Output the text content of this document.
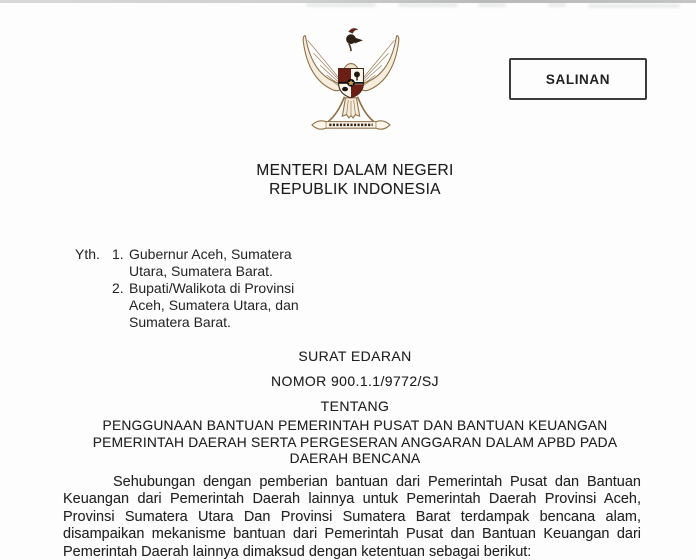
SALINAN
MENTERI DALAM NEGERI
REPUBLIK INDONESIA
Yth. 1. Gubernur Aceh, Sumatera Utara, Sumatera Barat.
2. Bupati/Walikota di Provinsi Aceh, Sumatera Utara, dan Sumatera Barat.
SURAT EDARAN
NOMOR 900.1.1/9772/SJ
TENTANG
PENGGUNAAN BANTUAN PEMERINTAH PUSAT DAN BANTUAN KEUANGAN PEMERINTAH DAERAH SERTA PERGESERAN ANGGARAN DALAM APBD PADA DAERAH BENCANA

Sehubungan dengan pemberian bantuan dari Pemerintah Pusat dan Bantuan Keuangan dari Pemerintah Daerah lainnya untuk Pemerintah Daerah Provinsi Aceh, Provinsi Sumatera Utara Dan Provinsi Sumatera Barat terdampak bencana alam, disampaikan mekanisme bantuan dari Pemerintah Pusat dan Bantuan Keuangan dari Pemerintah Daerah lainnya dimaksud dengan ketentuan sebagai berikut:
